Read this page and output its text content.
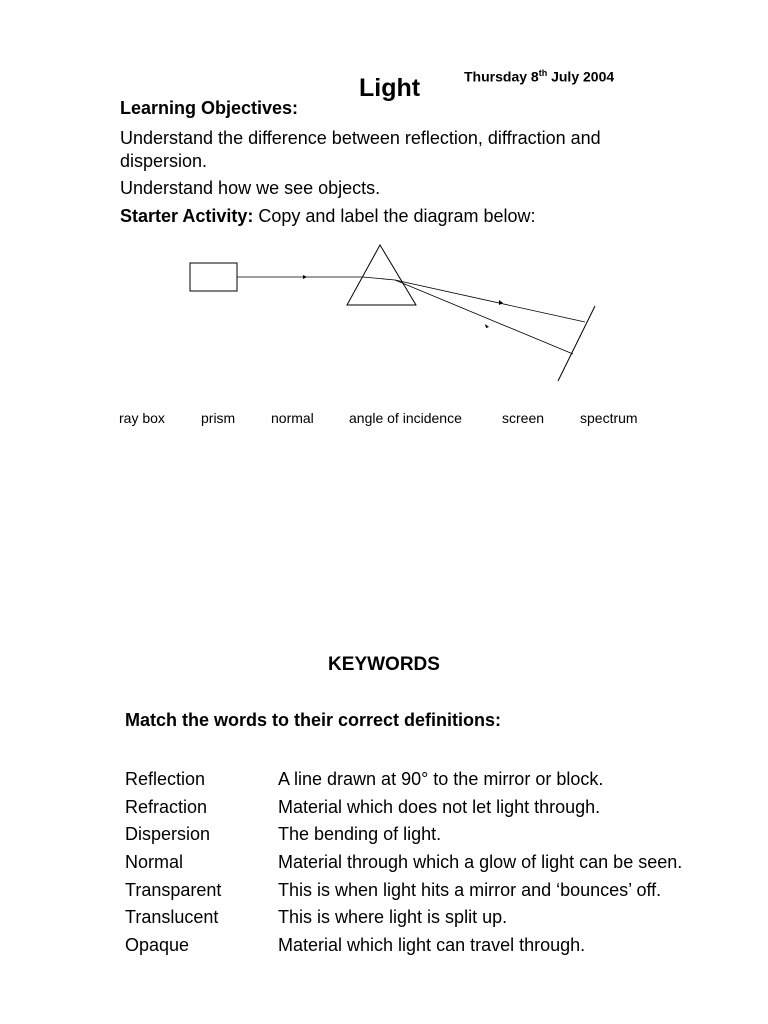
Light	Thursday 8th July 2004
Learning Objectives:
Understand the difference between reflection, diffraction and dispersion.
Understand how we see objects.
Starter Activity: Copy and label the diagram below:
ray box	prism	normal	angle of incidence	screen	spectrum
KEYWORDS
Match the words to their correct definitions:
Reflection	A line drawn at 90° to the mirror or block.
Refraction	Material which does not let light through.
Dispersion	The bending of light.
Normal	Material through which a glow of light can be seen.
Transparent	This is when light hits a mirror and ‘bounces’ off.
Translucent	This is where light is split up.
Opaque	Material which light can travel through.
